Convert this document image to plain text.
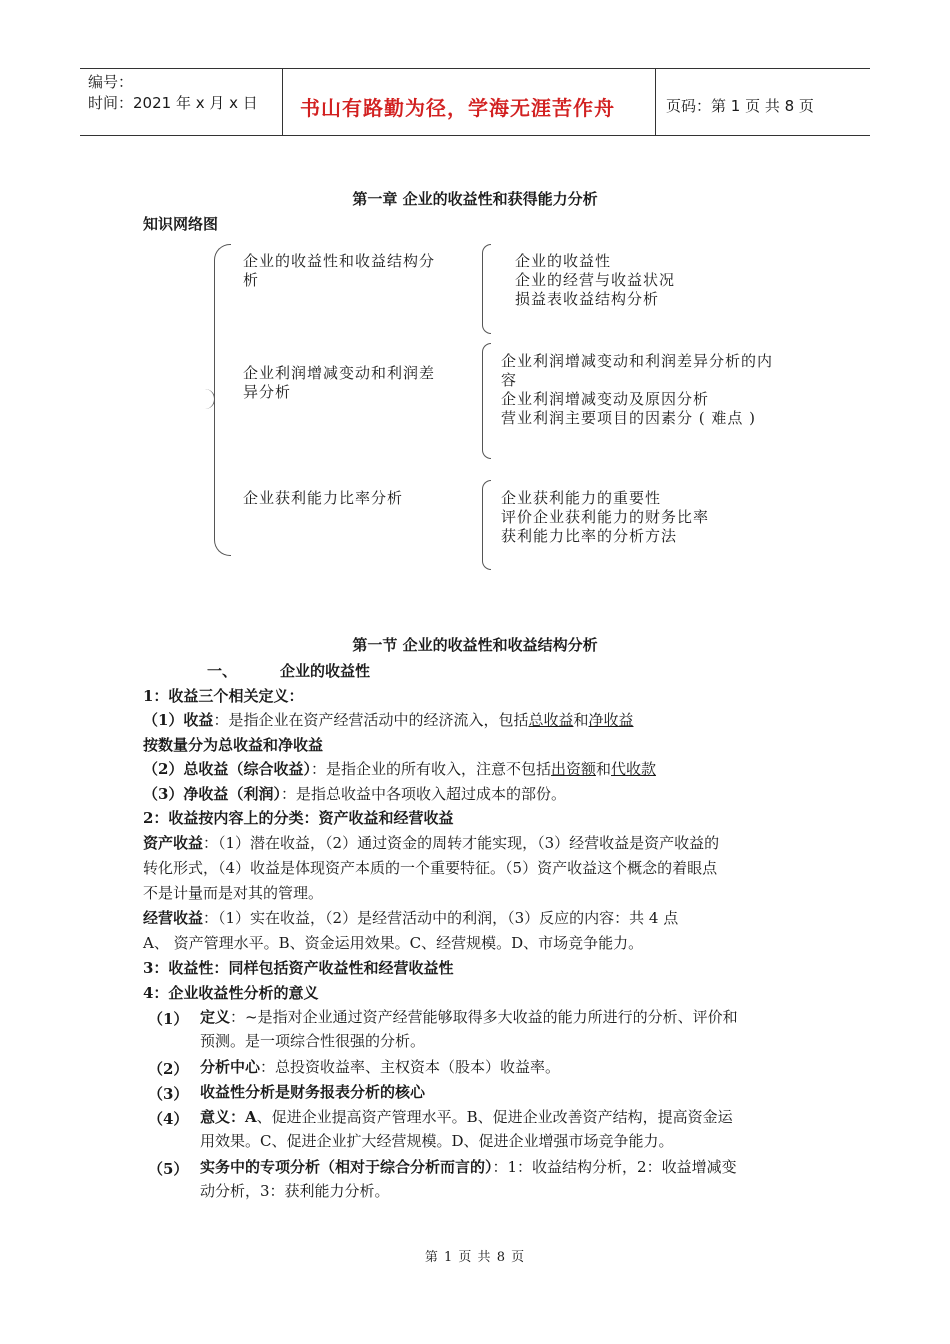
编号：
时间：2021 年 x 月 x 日 书山有路勤为径，学海无涯苦作舟	页码：第 1 页 共 8 页
第一章 企业的收益性和获得能力分析
知识网络图
企业的收益性和收益结构分
析
企业的收益性
企业的经营与收益状况
损益表收益结构分析
企业利润增减变动和利润差
异分析
企业利润增减变动和利润差异分析的内
容
企业利润增减变动及原因分析
营业利润主要项目的因素分 ( 难点 )
企业获利能力比率分析	企业获利能力的重要性
评价企业获利能力的财务比率
获利能力比率的分析方法
第一节 企业的收益性和收益结构分析
一、	企业的收益性
1：收益三个相关定义：
（1）收益：是指企业在资产经营活动中的经济流入，包括总收益和净收益
按数量分为总收益和净收益
（2）总收益（综合收益）：是指企业的所有收入，注意不包括出资额和代收款
（3）净收益（利润）：是指总收益中各项收入超过成本的部份。
2：收益按内容上的分类：资产收益和经营收益
资产收益：（1）潜在收益，（2）通过资金的周转才能实现，（3）经营收益是资产收益的
转化形式，（4）收益是体现资产本质的一个重要特征。（5）资产收益这个概念的着眼点
不是计量而是对其的管理。
经营收益：（1）实在收益，（2）是经营活动中的利润，（3）反应的内容：共 4 点
A、 资产管理水平。B、资金运用效果。C、经营规模。D、市场竞争能力。
3：收益性：同样包括资产收益性和经营收益性
4：企业收益性分析的意义
（1） 定义：~是指对企业通过资产经营能够取得多大收益的能力所进行的分析、评价和
预测。是一项综合性很强的分析。
（2） 分析中心：总投资收益率、主权资本（股本）收益率。
（3） 收益性分析是财务报表分析的核心
（4） 意义：A、促进企业提高资产管理水平。B、促进企业改善资产结构，提高资金运
用效果。C、促进企业扩大经营规模。D、促进企业增强市场竞争能力。
（5） 实务中的专项分析（相对于综合分析而言的）：1：收益结构分析，2：收益增减变
动分析，3：获利能力分析。
第 1 页 共 8 页
